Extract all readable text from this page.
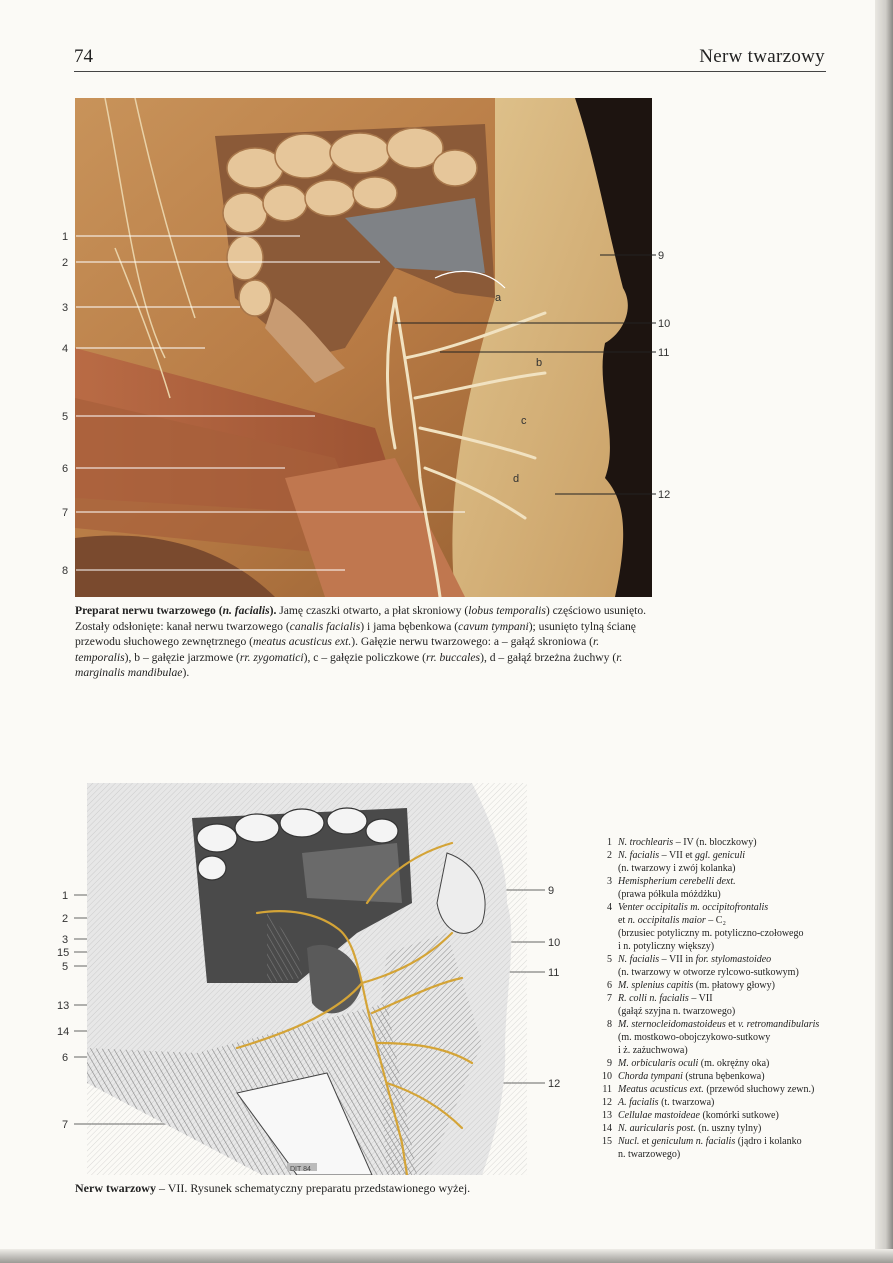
74	Nerw twarzowy
1
2
3
4
5
6
7
8
9
10
11
12
a
b
c
d
Preparat nerwu twarzowego (n. facialis). Jamę czaszki otwarto, a płat skroniowy (lobus temporalis) częściowo usunięto. Zostały odsłonięte: kanał nerwu twarzowego (canalis facialis) i jama bębenkowa (cavum tympani); usunięto tylną ścianę przewodu słuchowego zewnętrznego (meatus acusticus ext.). Gałęzie nerwu twarzowego: a – gałąź skroniowa (r. temporalis), b – gałęzie jarzmowe (rr. zygomatici), c – gałęzie policzkowe (rr. buccales), d – gałąź brzeżna żuchwy (r. marginalis mandibulae).
DIT 84
1
2
3
15
5
13
14
6
7
9
10
11
12
Nerw twarzowy – VII. Rysunek schematyczny preparatu przedstawionego wyżej.
1 N. trochlearis – IV (n. bloczkowy)
2 N. facialis – VII et ggl. geniculi
(n. twarzowy i zwój kolanka)
3 Hemispherium cerebelli dext.
(prawa półkula móżdżku)
4 Venter occipitalis m. occipitofrontalis
et n. occipitalis maior – C₂
(brzusiec potyliczny m. potyliczno-czołowego
i n. potyliczny większy)
5 N. facialis – VII in for. stylomastoideo
(n. twarzowy w otworze rylcowo-sutkowym)
6 M. splenius capitis (m. płatowy głowy)
7 R. colli n. facialis – VII
(gałąź szyjna n. twarzowego)
8 M. sternocleidomastoideus et v. retromandibularis
(m. mostkowo-obojczykowo-sutkowy
i ż. zażuchwowa)
9 M. orbicularis oculi (m. okrężny oka)
10 Chorda tympani (struna bębenkowa)
11 Meatus acusticus ext. (przewód słuchowy zewn.)
12 A. facialis (t. twarzowa)
13 Cellulae mastoideae (komórki sutkowe)
14 N. auricularis post. (n. uszny tylny)
15 Nucl. et geniculum n. facialis (jądro i kolanko
n. twarzowego)
